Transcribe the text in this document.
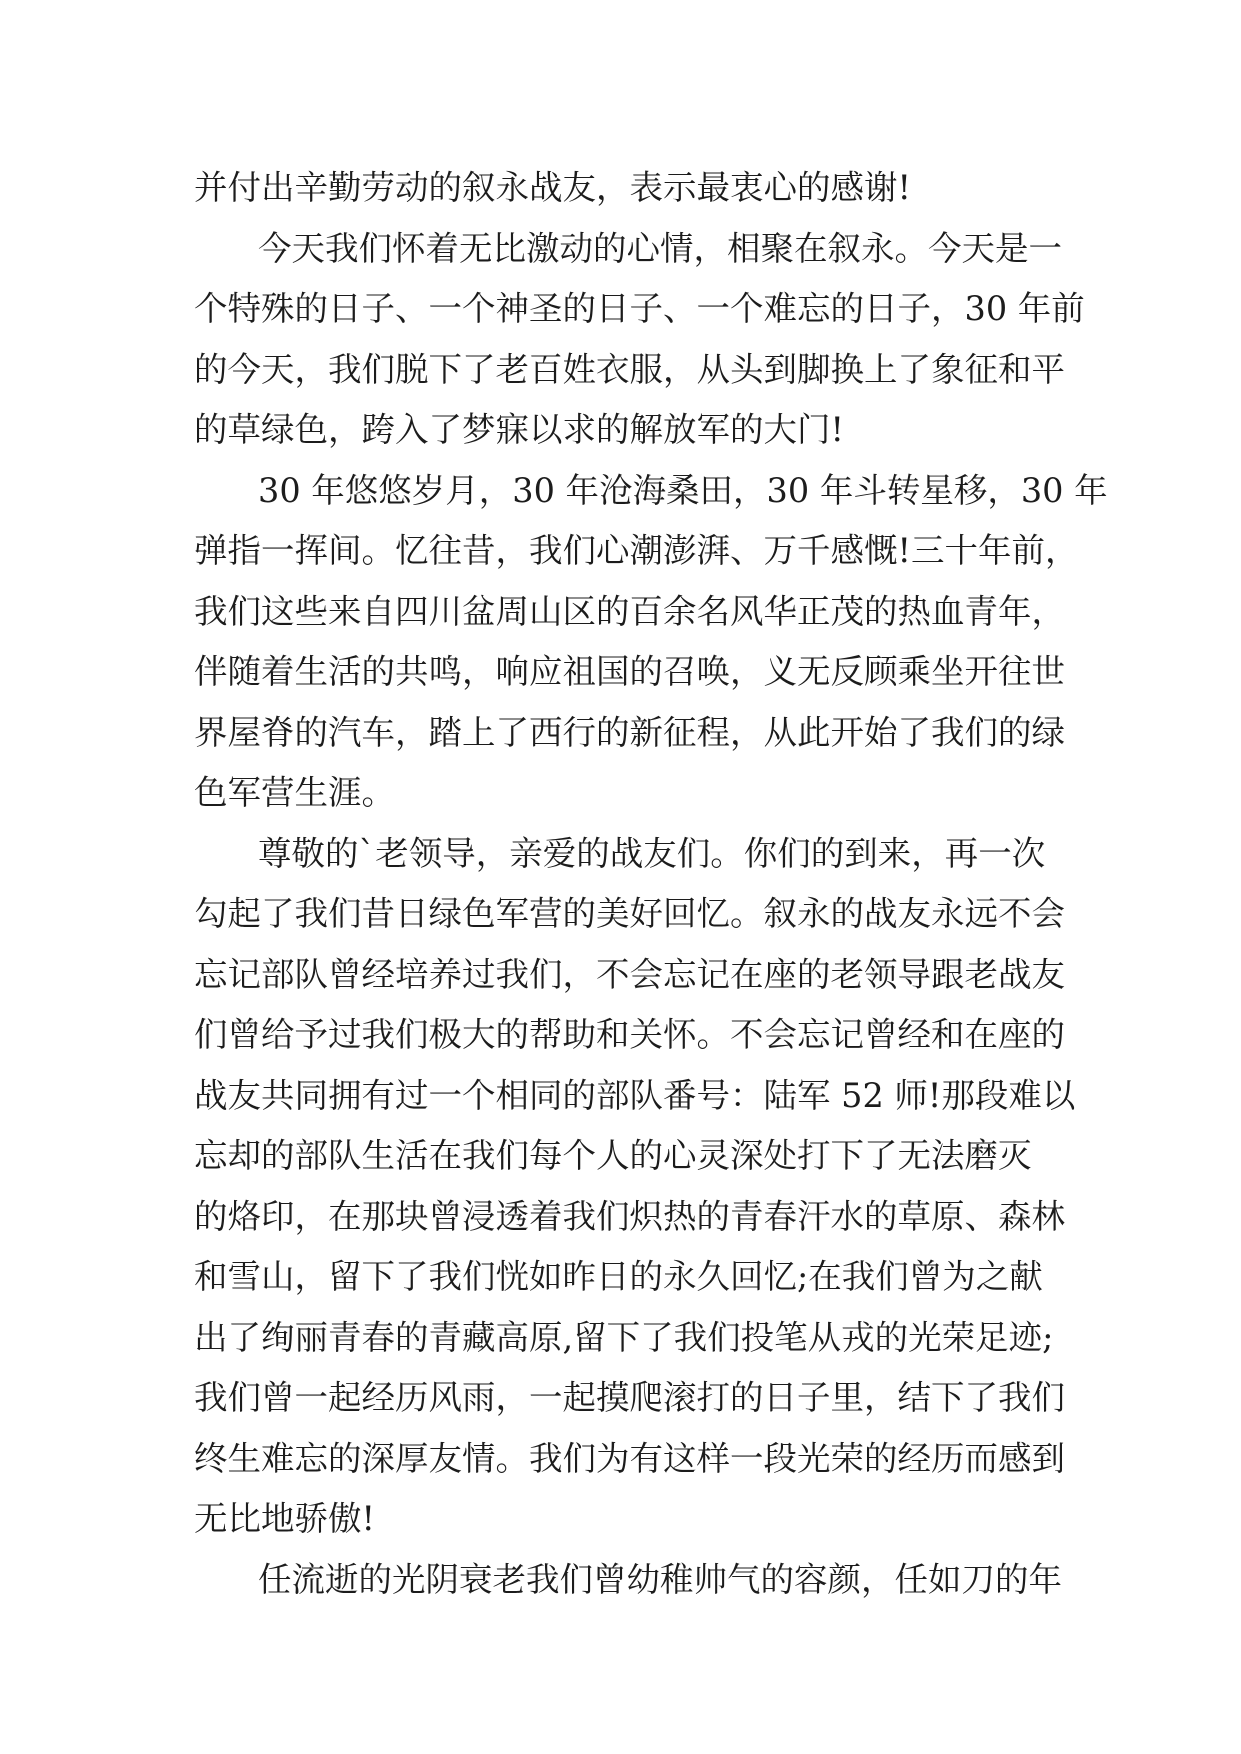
并付出辛勤劳动的叙永战友，表示最衷心的感谢!
今天我们怀着无比激动的心情，相聚在叙永。今天是一
个特殊的日子、一个神圣的日子、一个难忘的日子，30 年前
的今天，我们脱下了老百姓衣服，从头到脚换上了象征和平
的草绿色，跨入了梦寐以求的解放军的大门!
30 年悠悠岁月，30 年沧海桑田，30 年斗转星移，30 年
弹指一挥间。忆往昔，我们心潮澎湃、万千感慨!三十年前，
我们这些来自四川盆周山区的百余名风华正茂的热血青年，
伴随着生活的共鸣，响应祖国的召唤，义无反顾乘坐开往世
界屋脊的汽车，踏上了西行的新征程，从此开始了我们的绿
色军营生涯。
尊敬的`老领导，亲爱的战友们。你们的到来，再一次
勾起了我们昔日绿色军营的美好回忆。叙永的战友永远不会
忘记部队曾经培养过我们，不会忘记在座的老领导跟老战友
们曾给予过我们极大的帮助和关怀。不会忘记曾经和在座的
战友共同拥有过一个相同的部队番号：陆军 52 师!那段难以
忘却的部队生活在我们每个人的心灵深处打下了无法磨灭
的烙印，在那块曾浸透着我们炽热的青春汗水的草原、森林
和雪山，留下了我们恍如昨日的永久回忆;在我们曾为之献
出了绚丽青春的青藏高原,留下了我们投笔从戎的光荣足迹;
我们曾一起经历风雨，一起摸爬滚打的日子里，结下了我们
终生难忘的深厚友情。我们为有这样一段光荣的经历而感到
无比地骄傲!
任流逝的光阴衰老我们曾幼稚帅气的容颜，任如刀的年
